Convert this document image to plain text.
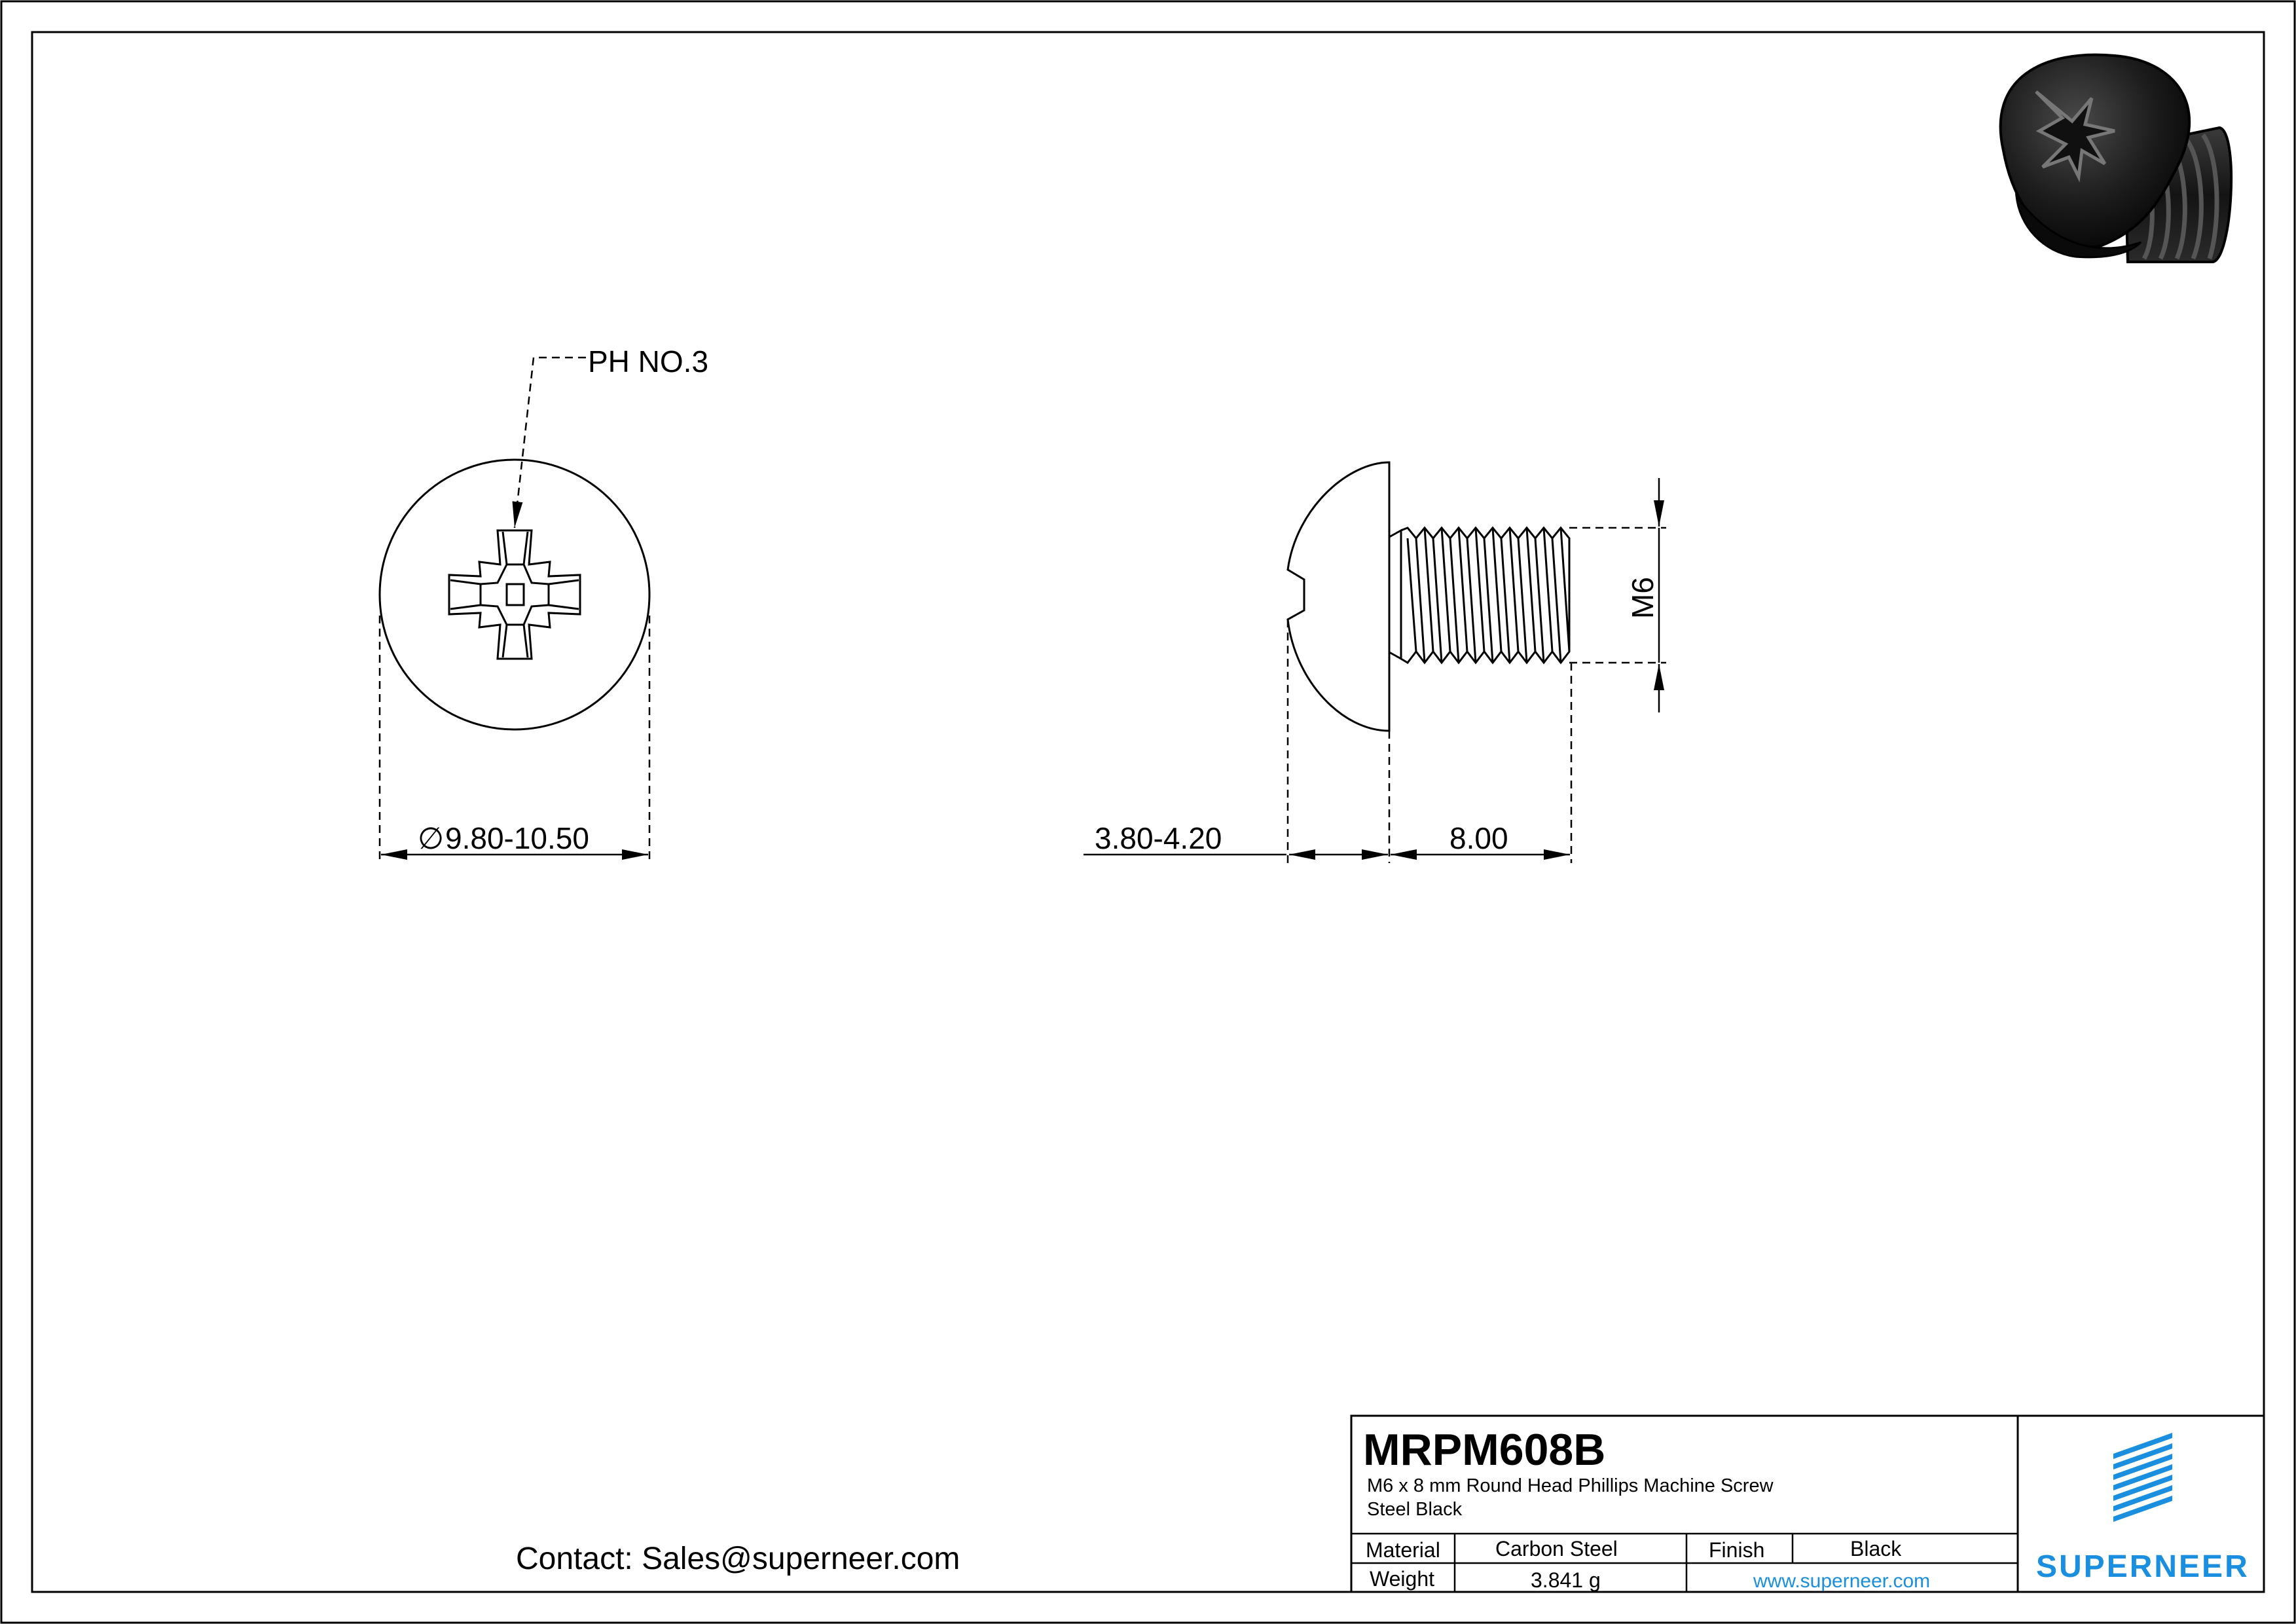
PH NO.3
∅ 9.80-10.50
M6
3.80-4.20	8.00
Contact: Sales@superneer.com
MRPM608B
M6 x 8 mm Round Head Phillips Machine Screw
Steel Black
Material	Carbon Steel	Finish	Black
Weight	3.841 g	www.superneer.com	SUPERNEER
